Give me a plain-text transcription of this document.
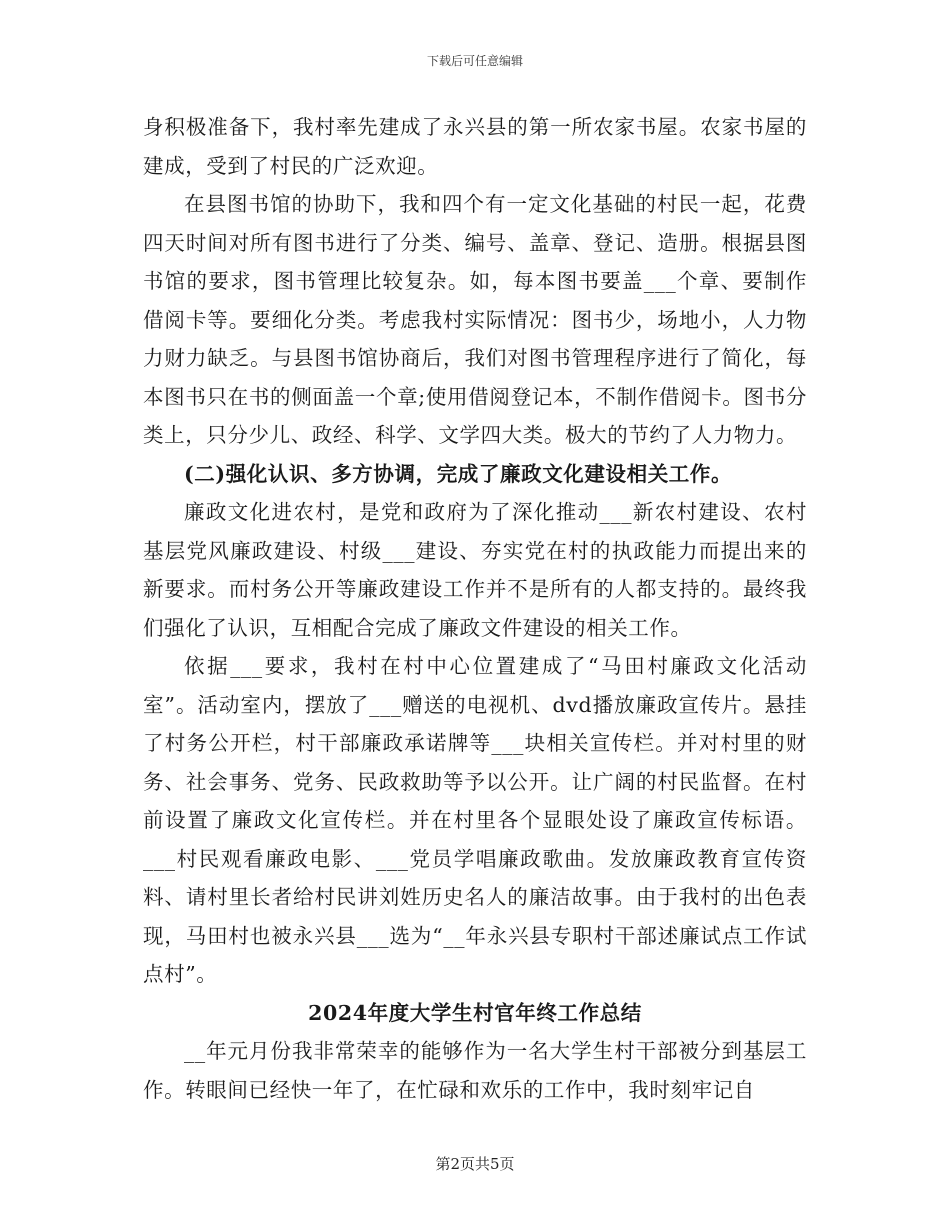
下载后可任意编辑

身积极准备下，我村率先建成了永兴县的第一所农家书屋。农家书屋的建成，受到了村民的广泛欢迎。

在县图书馆的协助下，我和四个有一定文化基础的村民一起，花费四天时间对所有图书进行了分类、编号、盖章、登记、造册。根据县图书馆的要求，图书管理比较复杂。如，每本图书要盖___个章、要制作借阅卡等。要细化分类。考虑我村实际情况：图书少，场地小，人力物力财力缺乏。与县图书馆协商后，我们对图书管理程序进行了简化，每本图书只在书的侧面盖一个章;使用借阅登记本，不制作借阅卡。图书分类上，只分少儿、政经、科学、文学四大类。极大的节约了人力物力。

(二)强化认识、多方协调，完成了廉政文化建设相关工作。

廉政文化进农村，是党和政府为了深化推动___新农村建设、农村基层党风廉政建设、村级___建设、夯实党在村的执政能力而提出来的新要求。而村务公开等廉政建设工作并不是所有的人都支持的。最终我们强化了认识，互相配合完成了廉政文件建设的相关工作。

依据___要求，我村在村中心位置建成了“马田村廉政文化活动室”。活动室内，摆放了___赠送的电视机、dvd播放廉政宣传片。悬挂了村务公开栏，村干部廉政承诺牌等___块相关宣传栏。并对村里的财务、社会事务、党务、民政救助等予以公开。让广阔的村民监督。在村前设置了廉政文化宣传栏。并在村里各个显眼处设了廉政宣传标语。___村民观看廉政电影、___党员学唱廉政歌曲。发放廉政教育宣传资料、请村里长者给村民讲刘姓历史名人的廉洁故事。由于我村的出色表现，马田村也被永兴县___选为“__年永兴县专职村干部述廉试点工作试点村”。

2024年度大学生村官年终工作总结

__年元月份我非常荣幸的能够作为一名大学生村干部被分到基层工作。转眼间已经快一年了，在忙碌和欢乐的工作中，我时刻牢记自

第2页共5页
